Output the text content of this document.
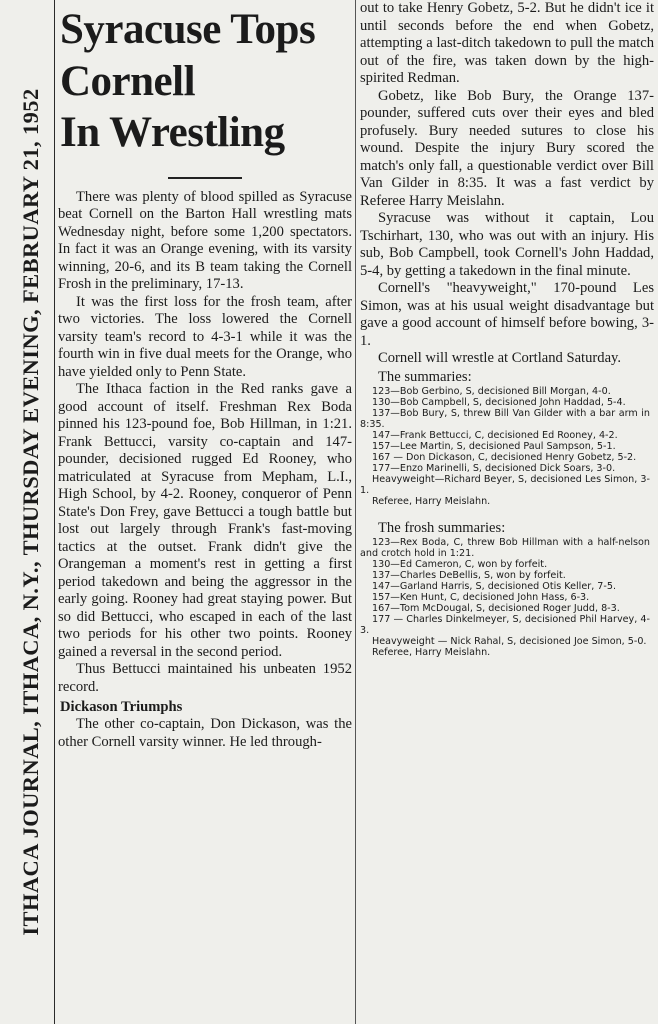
ITHACA JOURNAL, ITHACA, N.Y., THURSDAY EVENING, FEBRUARY 21, 1952
Syracuse Tops
Cornell
In Wrestling

There was plenty of blood spilled as Syracuse beat Cornell on the Barton Hall wrestling mats Wednesday night, before some 1,200 spectators. In fact it was an Orange evening, with its varsity winning, 20-6, and its B team taking the Cornell Frosh in the preliminary, 17-13.

It was the first loss for the frosh team, after two victories. The loss lowered the Cornell varsity team's record to 4-3-1 while it was the fourth win in five dual meets for the Orange, who have yielded only to Penn State.

The Ithaca faction in the Red ranks gave a good account of itself. Freshman Rex Boda pinned his 123-pound foe, Bob Hillman, in 1:21. Frank Bettucci, varsity co-captain and 147-pounder, decisioned rugged Ed Rooney, who matriculated at Syracuse from Mepham, L.I., High School, by 4-2. Rooney, conqueror of Penn State's Don Frey, gave Bettucci a tough battle but lost out largely through Frank's fast-moving tactics at the outset. Frank didn't give the Orangeman a moment's rest in getting a first period takedown and being the aggressor in the early going. Rooney had great staying power. But so did Bettucci, who escaped in each of the last two periods for his other two points. Rooney gained a reversal in the second period.

Thus Bettucci maintained his unbeaten 1952 record.

Dickason Triumphs

The other co-captain, Don Dickason, was the other Cornell varsity winner. He led through-

out to take Henry Gobetz, 5-2. But he didn't ice it until seconds before the end when Gobetz, attempting a last-ditch takedown to pull the match out of the fire, was taken down by the high-spirited Redman.

Gobetz, like Bob Bury, the Orange 137-pounder, suffered cuts over their eyes and bled profusely. Bury needed sutures to close his wound. Despite the injury Bury scored the match's only fall, a questionable verdict over Bill Van Gilder in 8:35. It was a fast verdict by Referee Harry Meislahn.

Syracuse was without it captain, Lou Tschirhart, 130, who was out with an injury. His sub, Bob Campbell, took Cornell's John Haddad, 5-4, by getting a takedown in the final minute.

Cornell's "heavyweight," 170-pound Les Simon, was at his usual weight disadvantage but gave a good account of himself before bowing, 3-1.

Cornell will wrestle at Cortland Saturday.

The summaries:

123—Bob Gerbino, S, decisioned Bill Morgan, 4-0.

130—Bob Campbell, S, decisioned John Haddad, 5-4.

137—Bob Bury, S, threw Bill Van Gilder with a bar arm in 8:35.

147—Frank Bettucci, C, decisioned Ed Rooney, 4-2.

157—Lee Martin, S, decisioned Paul Sampson, 5-1.

167 — Don Dickason, C, decisioned Henry Gobetz, 5-2.

177—Enzo Marinelli, S, decisioned Dick Soars, 3-0.

Heavyweight—Richard Beyer, S, decisioned Les Simon, 3-1.

Referee, Harry Meislahn.

The frosh summaries:

123—Rex Boda, C, threw Bob Hillman with a half-nelson and crotch hold in 1:21.

130—Ed Cameron, C, won by forfeit.

137—Charles DeBellis, S, won by forfeit.

147—Garland Harris, S, decisioned Otis Keller, 7-5.

157—Ken Hunt, C, decisioned John Hass, 6-3.

167—Tom McDougal, S, decisioned Roger Judd, 8-3.

177 — Charles Dinkelmeyer, S, decisioned Phil Harvey, 4-3.

Heavyweight — Nick Rahal, S, decisioned Joe Simon, 5-0.

Referee, Harry Meislahn.
